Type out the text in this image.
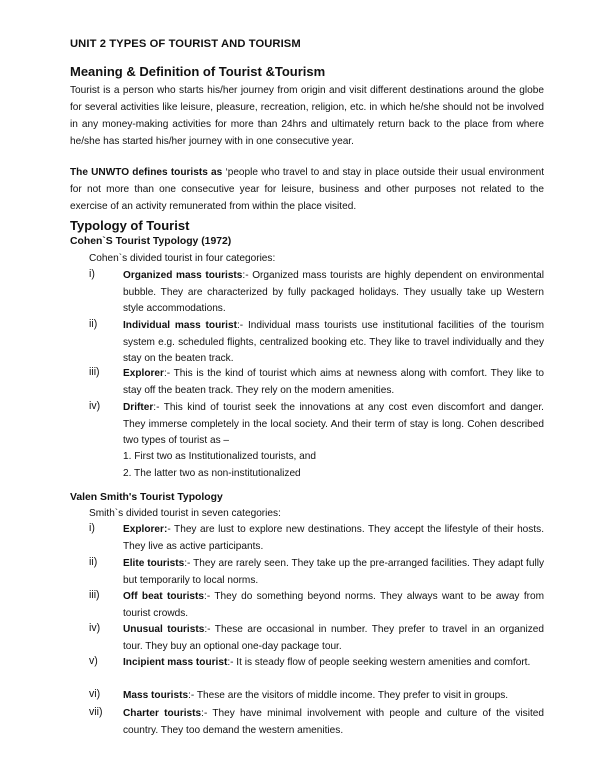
UNIT 2 TYPES OF TOURIST AND TOURISM
Meaning & Definition of Tourist &Tourism
Tourist is a person who starts his/her journey from origin and visit different destinations around the globe for several activities like leisure, pleasure, recreation, religion, etc. in which he/she should not be involved in any money-making activities for more than 24hrs and ultimately return back to the place from where he/she has started his/her journey with in one consecutive year.
The UNWTO defines tourists as ‘people who travel to and stay in place outside their usual environment for not more than one consecutive year for leisure, business and other purposes not related to the exercise of an activity remunerated from within the place visited.
Typology of Tourist
Cohen`S Tourist Typology (1972)
Cohen`s divided tourist in four categories:
i)	Organized mass tourists:- Organized mass tourists are highly dependent on environmental bubble. They are characterized by fully packaged holidays. They usually take up Western style accommodations.
ii)	Individual mass tourist:- Individual mass tourists use institutional facilities of the tourism system e.g. scheduled flights, centralized booking etc. They like to travel individually and they stay on the beaten track.
iii) Explorer:- This is the kind of tourist which aims at newness along with comfort. They like to stay off the beaten track. They rely on the modern amenities.
iv) Drifter:- This kind of tourist seek the innovations at any cost even discomfort and danger. They immerse completely in the local society. And their term of stay is long. Cohen described two types of tourist as –
1. First two as Institutionalized tourists, and
2. The latter two as non-institutionalized
Valen Smith's Tourist Typology
Smith`s divided tourist in seven categories:
i)	Explorer:- They are lust to explore new destinations. They accept the lifestyle of their hosts. They live as active participants.
ii)	Elite tourists:- They are rarely seen. They take up the pre-arranged facilities. They adapt fully but temporarily to local norms.
iii) Off beat tourists:- They do something beyond norms. They always want to be away from tourist crowds.
iv) Unusual tourists:- These are occasional in number. They prefer to travel in an organized tour. They buy an optional one-day package tour.
v) Incipient mass tourist:- It is steady flow of people seeking western amenities and comfort.
vi) Mass tourists:- These are the visitors of middle income. They prefer to visit in groups.
vii) Charter tourists:- They have minimal involvement with people and culture of the visited country. They too demand the western amenities.
